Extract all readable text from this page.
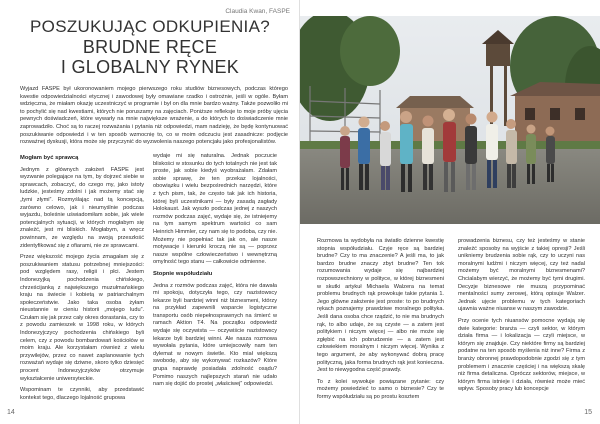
Claudia Kwan, FASPE
POSZUKUJĄC ODKUPIENIA?
BRUDNE RĘCE
I GLOBALNY RYNEK
Wyjazd FASPE był ukoronowaniem mojego pierwszego roku studiów biznesowych, podczas którego kwestie odpowiedzialności etycznej i zawodowej były omawiane rzadko i ostrożnie, jeśli w ogóle. Byłam wdzięczna, że miałam okazję uczestniczyć w programie i był on dla mnie bardzo ważny. Także pozwoliło mi to pochylić się nad kwestiami, których nie poruszamy na zajęciach. Poniższe refleksje to moje próby ujęcia pewnych doświadczeń, które wywarły na mnie największe wrażenie, a do których to doświadczenie mnie zaprowadziło. Choć są to raczej rozważania i pytania niż odpowiedzi, mam nadzieję, że będę kontynuować poszukiwanie odpowiedzi i w ten sposób wzmocnię to, co w moim odczuciu jest zasadnicze: podjęcie rozważnej dyskusji, która może się przyczynić do wyzwolenia naszego potencjału jako profesjonalistów.
Mogłam być sprawcą

Jednym z głównych założeń FASPE jest wyzwanie polegające na tym, by dojrzeć siebie w sprawcach, zobaczyć, do czego my, jako istoty ludzkie, jesteśmy zdolni i jak możemy stać się „tymi złymi”. Rozmyślając nad tą koncepcją, zarówno celowo, jak i nieumyślnie podczas wyjazdu, boleśnie uświadomiłam sobie, jak wiele potencjalnych sytuacji, w których mogłabym się znaleźć, jest mi bliskich. Mogłabym, a wręcz powinnam, ze względu na swoją przeszłość zidentyfikować się z ofiarami, nie ze sprawcami.

Przez większość mojego życia zmagałam się z poszukiwaniem statusu potrzebnej mniejszości: pod względem rasy, religii i płci. Jestem Indonezyjką pochodzenia chińskiego, chrześcijanką z największego muzułmańskiego kraju na świecie i kobietą w patriarchalnym społeczeństwie. Jako taka osoba żyłam nieustannie w cieniu historii „mojego ludu”. Czułam się jak przez cały okres dorastania, czy to z powodu zamieszek w 1998 roku, w których Indonezyjczycy pochodzenia chińskiego byli celem, czy z powodu bombardowań kościołów w moim kraju. Ale korzystałam również z wielu przywilejów, przez co nawet zaplanowanie tych rozważań wydaje się dziwne, skoro tylko dziesięć procent Indonezyjczyków otrzymuje wykształcenie uniwersyteckie.

Wspominam te czynniki, aby przedstawić kontekst tego, dlaczego lojalność grupowa

wydaje mi się naturalna. Jednak poczucie bliskości w stosunku do tych totalnych nie jest tak proste, jak sobie kiedyś wyobrażałam. Zdałam sobie sprawę, że ten przekaz lojalności, obowiązku i wielu bezpośrednich narzędzi, które z tych pism, tak, że często tak jak ich historia, której byli uczestnikami — były zasadą zagłady Holokaust. Jak wyszło podczas jednej z naszych rozmów podczas zajęć, wydaje się, że istniejemy na tym samym spektrum wartości co sam Heinrich Himmler, czy nam się to podoba, czy nie. Możemy nie popełniać tak jak on, ale nasze motywacje i kierunki kroczą nie są — poprzez nasze wspólne człowieczeństwo i wewnętrzną omylność tego stanu — całkowicie odmienne.

Stopnie współudziału

Jedna z rozmów podczas zajęć, która nie dawała mi spokoju, dotyczyła tego, czy nazistowscy lekarze byli bardziej winni niż biznesmeni, którzy na przykład zapewnili wsparcie logistyczne transportu osób niepełnosprawnych na śmierć w ramach Aktion T4. Na początku odpowiedź wydaje się oczywista — oczywiście nazistowscy lekarze byli bardziej winni. Ale nasza rozmowa wywołała pytania, które umiejscowiły nam ten dylemat w nowym świetle. Kto miał większą swobodę, aby się wykonywać rozkazów? Które grupa naprawdę posiadała zdolność osądu? Pomimo naszych najlepszych starań nie udało nam się dojść do prostej „właściwej” odpowiedzi.

14

Rozmowa ta wydobyła na światło dzienne kwestię stopnia współudziału. Czyje ręce są bardziej brudne? Czy to ma znaczenie? A jeśli ma, to jak bardzo brudne znaczy zbyt brudne? Ten tok rozumowania wydaje się najbardziej rozpowszechniony w polityce, w której biznesmeni w skutki artykuł Michaela Walzera na temat problemu brudnych rąk prowokuje takie pytania 1. Jego główne założenie jest proste: to po brudnych rękach poznajemy prawdziwe moralnego polityka. Jeśli dana osoba chce rządzić, to nie ma brudnych rąk, to albo udaje, że są czyste — a zatem jest politykiem i niczym więcej — albo nie może się zgłębić na ich pobrudzenie — a zatem jest człowiekiem moralnym i niczym więcej. Wynika z tego argument, że aby wykonywać dobrą pracę polityczną, jaka forma brudnych rąk jest konieczna. Jest to niewygodna część prawdy.

To z kolei wywołuje powiązane pytanie: czy możemy powiedzieć to samo o biznesie? Czy te formy współudziału są po prostu kosztem

prowadzenia biznesu, czy też jesteśmy w stanie znaleźć sposoby na wyjście z takiej opresji? Jeśli unikniemy brudzenia sobie rąk, czy to uczyni nas moralnymi ludźmi i niczym więcej, czy też nadal możemy być moralnymi biznesmenami? Chcialabym wierzyć, że możemy być tymi drugimi. Decyzje biznesowe nie muszą przypominać mentalności sumy zerowej, którą opisuje Walzer. Jednak ujęcie problemu w tych kategoriach ujawnia ważne niuanse w naszym zawodzie.

Przy ocenie tych niuansów pomocne wydają się dwie kategorie: branża — czyli sektor, w którym działa firma — i lokalizacja — czyli miejsce, w którym się znajduje. Czy niektóre firmy są bardziej podatne na ten sposób myślenia niż inne? Firma z branży obronnej prawdopodobnie zgodzi się z tym problemem i znacznie częściej i na większą skalę niż firma detaliczna. Opróczz sektorów, miejsce, w którym firma istnieje i działa, również może mieć wpływ. Sposoby pracy lub koncepcje

15
